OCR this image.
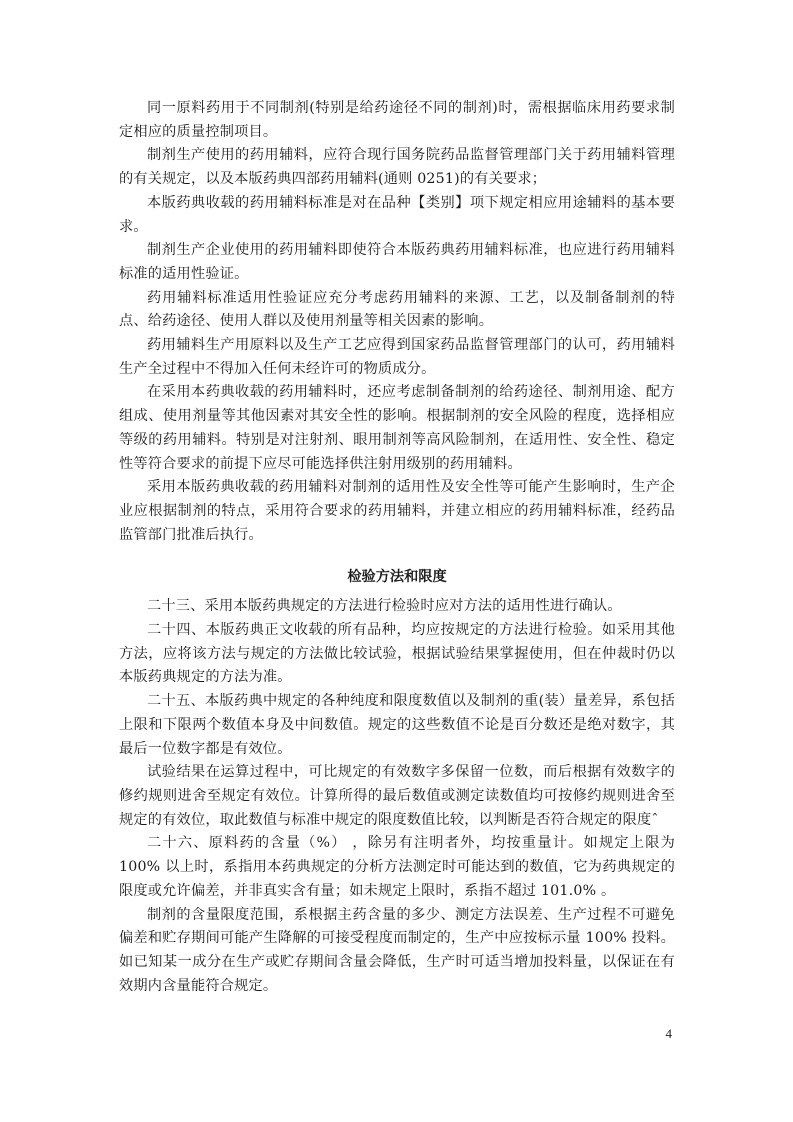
同一原料药用于不同制剂(特别是给药途径不同的制剂)时，需根据临床用药要求制定相应的质量控制项目。

制剂生产使用的药用辅料，应符合现行国务院药品监督管理部门关于药用辅料管理的有关规定，以及本版药典四部药用辅料(通则 0251)的有关要求；

本版药典收载的药用辅料标准是对在品种【类别】项下规定相应用途辅料的基本要求。

制剂生产企业使用的药用辅料即使符合本版药典药用辅料标准，也应进行药用辅料标准的适用性验证。

药用辅料标准适用性验证应充分考虑药用辅料的来源、工艺，以及制备制剂的特点、给药途径、使用人群以及使用剂量等相关因素的影响。

药用辅料生产用原料以及生产工艺应得到国家药品监督管理部门的认可，药用辅料生产全过程中不得加入任何未经许可的物质成分。

在采用本药典收载的药用辅料时，还应考虑制备制剂的给药途径、制剂用途、配方组成、使用剂量等其他因素对其安全性的影响。根据制剂的安全风险的程度，选择相应等级的药用辅料。特别是对注射剂、眼用制剂等高风险制剂，在适用性、安全性、稳定性等符合要求的前提下应尽可能选择供注射用级别的药用辅料。

采用本版药典收载的药用辅料对制剂的适用性及安全性等可能产生影响时，生产企业应根据制剂的特点，采用符合要求的药用辅料，并建立相应的药用辅料标准，经药品监管部门批准后执行。

检验方法和限度

二十三、采用本版药典规定的方法进行检验时应对方法的适用性进行确认。

二十四、本版药典正文收载的所有品种，均应按规定的方法进行检验。如采用其他方法，应将该方法与规定的方法做比较试验，根据试验结果掌握使用，但在仲裁时仍以本版药典规定的方法为准。

二十五、本版药典中规定的各种纯度和限度数值以及制剂的重(装）量差异，系包括上限和下限两个数值本身及中间数值。规定的这些数值不论是百分数还是绝对数字，其最后一位数字都是有效位。

试验结果在运算过程中，可比规定的有效数字多保留一位数，而后根据有效数字的修约规则进舍至规定有效位。计算所得的最后数值或测定读数值均可按修约规则进舍至规定的有效位，取此数值与标准中规定的限度数值比较，以判断是否符合规定的限度ˆ

二十六、原料药的含量（%） ，除另有注明者外，均按重量计。如规定上限为 100% 以上时，系指用本药典规定的分析方法测定时可能达到的数值，它为药典规定的限度或允许偏差，并非真实含有量；如未规定上限时，系指不超过 101.0% 。

制剂的含量限度范围，系根据主药含量的多少、测定方法误差、生产过程不可避免偏差和贮存期间可能产生降解的可接受程度而制定的，生产中应按标示量 100% 投料。如已知某一成分在生产或贮存期间含量会降低，生产时可适当增加投料量，以保证在有效期内含量能符合规定。

4
